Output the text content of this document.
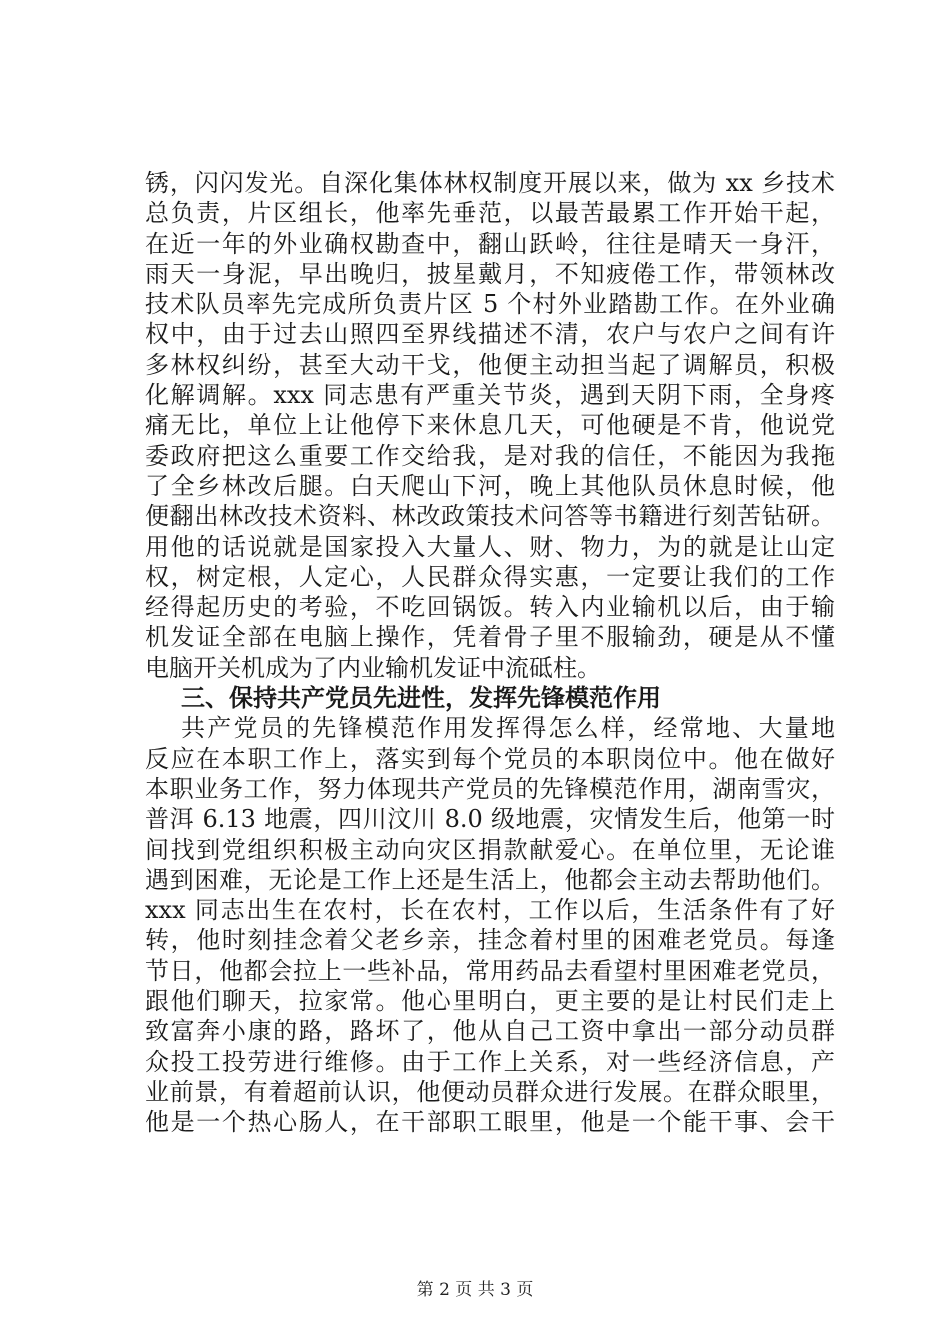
锈，闪闪发光。自深化集体林权制度开展以来，做为 xx 乡技术
总负责，片区组长，他率先垂范，以最苦最累工作开始干起，
在近一年的外业确权勘查中，翻山跃岭，往往是晴天一身汗，
雨天一身泥，早出晚归，披星戴月，不知疲倦工作，带领林改
技术队员率先完成所负责片区 5 个村外业踏勘工作。在外业确
权中，由于过去山照四至界线描述不清，农户与农户之间有许
多林权纠纷，甚至大动干戈，他便主动担当起了调解员，积极
化解调解。xxx 同志患有严重关节炎，遇到天阴下雨，全身疼
痛无比，单位上让他停下来休息几天，可他硬是不肯，他说党
委政府把这么重要工作交给我，是对我的信任，不能因为我拖
了全乡林改后腿。白天爬山下河，晚上其他队员休息时候，他
便翻出林改技术资料、林改政策技术问答等书籍进行刻苦钻研。
用他的话说就是国家投入大量人、财、物力，为的就是让山定
权，树定根，人定心，人民群众得实惠，一定要让我们的工作
经得起历史的考验，不吃回锅饭。转入内业输机以后，由于输
机发证全部在电脑上操作，凭着骨子里不服输劲，硬是从不懂
电脑开关机成为了内业输机发证中流砥柱。
三、保持共产党员先进性，发挥先锋模范作用
共产党员的先锋模范作用发挥得怎么样，经常地、大量地
反应在本职工作上，落实到每个党员的本职岗位中。他在做好
本职业务工作，努力体现共产党员的先锋模范作用，湖南雪灾，
普洱 6.13 地震，四川汶川 8.0 级地震，灾情发生后，他第一时
间找到党组织积极主动向灾区捐款献爱心。在单位里，无论谁
遇到困难，无论是工作上还是生活上，他都会主动去帮助他们。
xxx 同志出生在农村，长在农村，工作以后，生活条件有了好
转，他时刻挂念着父老乡亲，挂念着村里的困难老党员。每逢
节日，他都会拉上一些补品，常用药品去看望村里困难老党员，
跟他们聊天，拉家常。他心里明白，更主要的是让村民们走上
致富奔小康的路，路坏了，他从自己工资中拿出一部分动员群
众投工投劳进行维修。由于工作上关系，对一些经济信息，产
业前景，有着超前认识，他便动员群众进行发展。在群众眼里，
他是一个热心肠人，在干部职工眼里，他是一个能干事、会干
第 2 页 共 3 页
